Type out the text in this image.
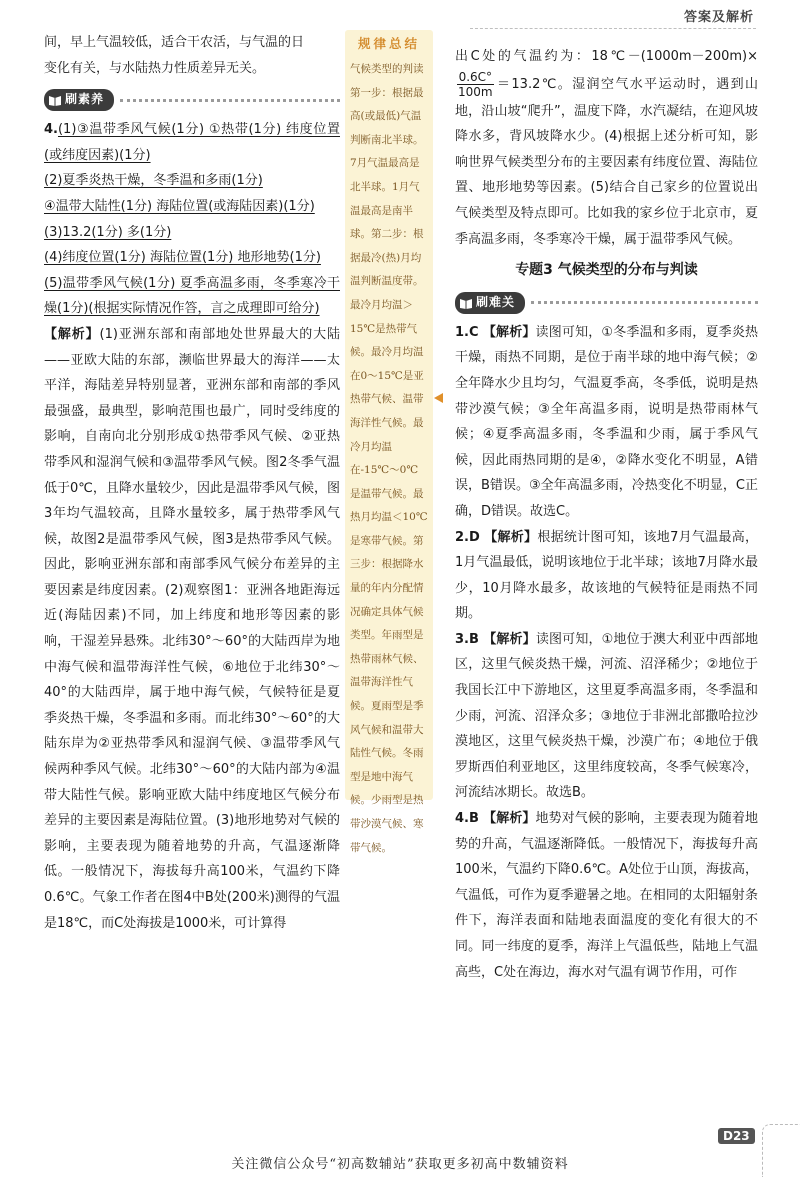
答案及解析

间，早上气温较低，适合干农活，与气温的日

变化有关，与水陆热力性质差异无关。

刷素养

4.(1)③温带季风气候(1分) ①热带(1分) 纬度位置(或纬度因素)(1分)

(2)夏季炎热干燥，冬季温和多雨(1分)

④温带大陆性(1分) 海陆位置(或海陆因素)(1分)

(3)13.2(1分) 多(1分)

(4)纬度位置(1分) 海陆位置(1分) 地形地势(1分)

(5)温带季风气候(1分) 夏季高温多雨，冬季寒冷干燥(1分)(根据实际情况作答，言之成理即可给分)

【解析】(1)亚洲东部和南部地处世界最大的大陆——亚欧大陆的东部，濒临世界最大的海洋——太平洋，海陆差异特别显著，亚洲东部和南部的季风最强盛，最典型，影响范围也最广，同时受纬度的影响，自南向北分别形成①热带季风气候、②亚热带季风和湿润气候和③温带季风气候。图2冬季气温低于0℃，且降水量较少，因此是温带季风气候，图3年均气温较高，且降水量较多，属于热带季风气候，故图2是温带季风气候，图3是热带季风气候。因此，影响亚洲东部和南部季风气候分布差异的主要因素是纬度因素。(2)观察图1：亚洲各地距海远近(海陆因素)不同，加上纬度和地形等因素的影响，干湿差异悬殊。北纬30°～60°的大陆西岸为地中海气候和温带海洋性气候，⑥地位于北纬30°～40°的大陆西岸，属于地中海气候，气候特征是夏季炎热干燥，冬季温和多雨。而北纬30°～60°的大陆东岸为②亚热带季风和湿润气候、③温带季风气候两种季风气候。北纬30°～60°的大陆内部为④温带大陆性气候。影响亚欧大陆中纬度地区气候分布差异的主要因素是海陆位置。(3)地形地势对气候的影响，主要表现为随着地势的升高，气温逐渐降低。一般情况下，海拔每升高100米，气温约下降0.6℃。气象工作者在图4中B处(200米)测得的气温是18℃，而C处海拔是1000米，可计算得

规律总结

气候类型的判读 第一步：根据最高(或最低)气温判断南北半球。7月气温最高是北半球。1月气温最高是南半球。第二步：根据最冷(热)月均温判断温度带。最冷月均温＞15℃是热带气候。最冷月均温在0～15℃是亚热带气候、温带海洋性气候。最冷月均温在-15℃～0℃是温带气候。最热月均温＜10℃是寒带气候。第三步：根据降水量的年内分配情况确定具体气候类型。年雨型是热带雨林气候、温带海洋性气候。夏雨型是季风气候和温带大陆性气候。冬雨型是地中海气候。少雨型是热带沙漠气候、寒带气候。

出C处的气温约为：18℃－(1000m－200m)×
$\frac{0.6C^\circ}{100m}$ ＝13.2℃。湿润空气水平运动时，遇到山地，沿山坡“爬升”，温度下降，水汽凝结，在迎风坡降水多，背风坡降水少。(4)根据上述分析可知，影响世界气候类型分布的主要因素有纬度位置、海陆位置、地形地势等因素。(5)结合自己家乡的位置说出气候类型及特点即可。比如我的家乡位于北京市，夏季高温多雨，冬季寒冷干燥，属于温带季风气候。

专题3 气候类型的分布与判读
刷难关

1.C 【解析】读图可知，①冬季温和多雨，夏季炎热干燥，雨热不同期，是位于南半球的地中海气候；②全年降水少且均匀，气温夏季高，冬季低，说明是热带沙漠气候；③全年高温多雨，说明是热带雨林气候；④夏季高温多雨，冬季温和少雨，属于季风气候，因此雨热同期的是④，②降水变化不明显，A错误，B错误。③全年高温多雨，冷热变化不明显，C正确，D错误。故选C。

2.D 【解析】根据统计图可知，该地7月气温最高，1月气温最低，说明该地位于北半球；该地7月降水最少，10月降水最多，故该地的气候特征是雨热不同期。

3.B 【解析】读图可知，①地位于澳大利亚中西部地区，这里气候炎热干燥，河流、沼泽稀少；②地位于我国长江中下游地区，这里夏季高温多雨，冬季温和少雨，河流、沼泽众多；③地位于非洲北部撒哈拉沙漠地区，这里气候炎热干燥，沙漠广布；④地位于俄罗斯西伯利亚地区，这里纬度较高，冬季气候寒冷，河流结冰期长。故选B。

4.B 【解析】地势对气候的影响，主要表现为随着地势的升高，气温逐渐降低。一般情况下，海拔每升高100米，气温约下降0.6℃。A处位于山顶，海拔高，气温低，可作为夏季避暑之地。在相同的太阳辐射条件下，海洋表面和陆地表面温度的变化有很大的不同。同一纬度的夏季，海洋上气温低些，陆地上气温高些，C处在海边，海水对气温有调节作用，可作

D23
关注微信公众号“初高数辅站”获取更多初高中数辅资料
